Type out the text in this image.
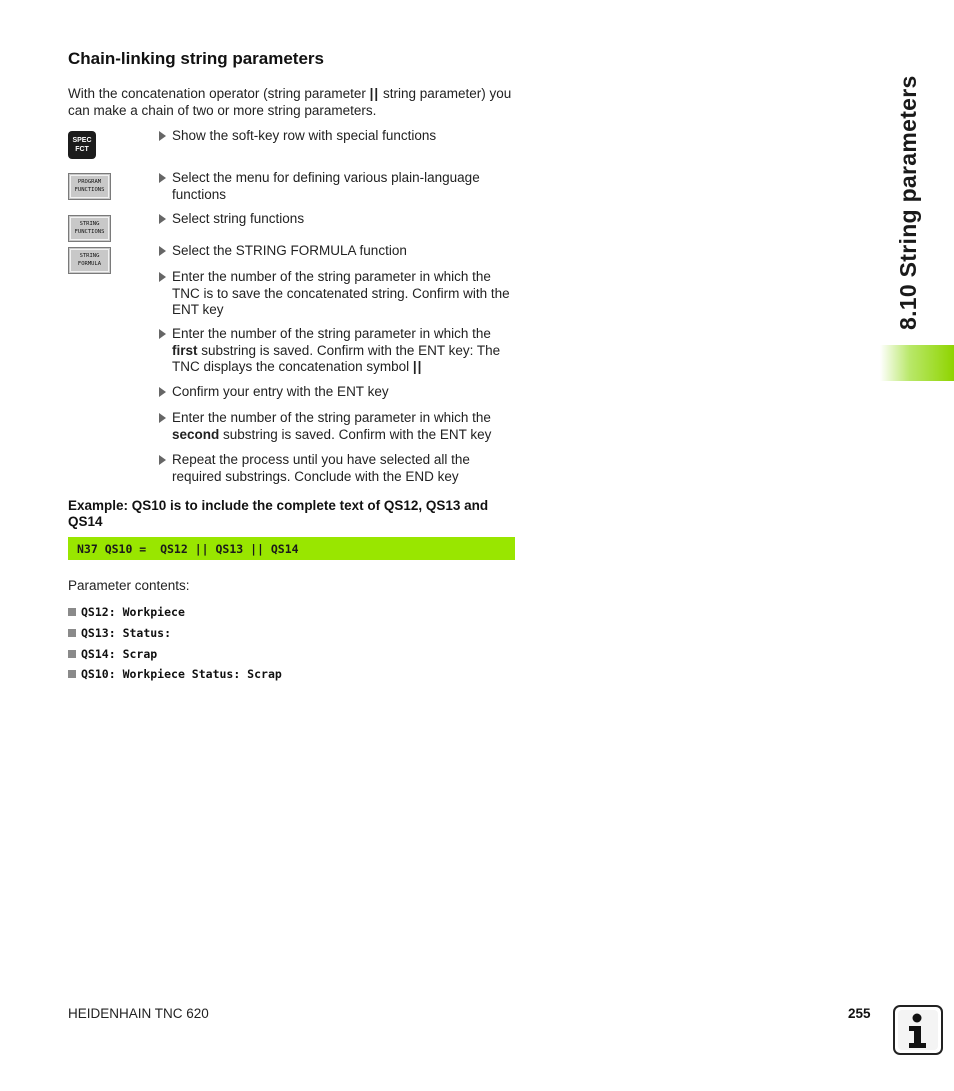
8.10 String parameters
Chain-linking string parameters
With the concatenation operator (string parameter || string parameter) you can make a chain of two or more string parameters.
SPEC
FCT
PROGRAM
FUNCTIONS
STRING
FUNCTIONS
STRING
FORMULA
Show the soft-key row with special functions
Select the menu for defining various plain-language functions
Select string functions
Select the STRING FORMULA function
Enter the number of the string parameter in which the TNC is to save the concatenated string. Confirm with the ENT key
Enter the number of the string parameter in which the first substring is saved. Confirm with the ENT key: The TNC displays the concatenation symbol ||
Confirm your entry with the ENT key
Enter the number of the string parameter in which the second substring is saved. Confirm with the ENT key
Repeat the process until you have selected all the required substrings. Conclude with the END key
Example: QS10 is to include the complete text of QS12, QS13 and QS14
N37 QS10 =  QS12 || QS13 || QS14
Parameter contents:
QS12: Workpiece
QS13: Status:
QS14: Scrap
QS10: Workpiece Status: Scrap
HEIDENHAIN TNC 620	255
